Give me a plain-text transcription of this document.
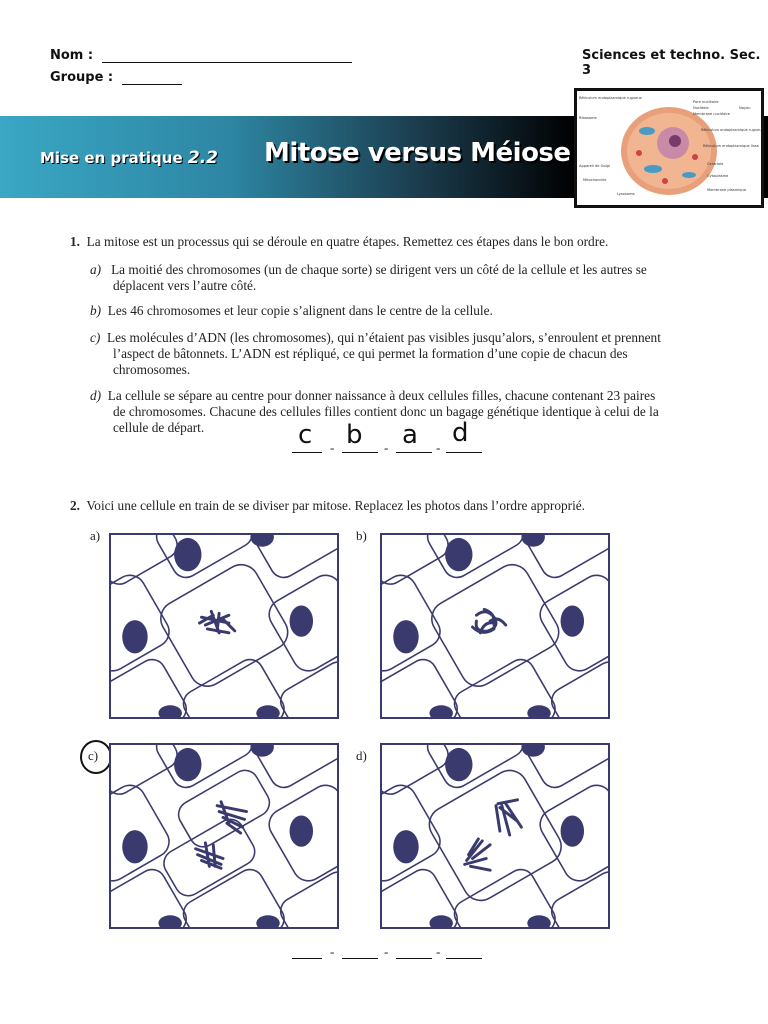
Nom :
Groupe :
Sciences et techno. Sec. 3
Mise en pratique 2.2 Mitose versus Méiose
Réticulum endoplasmique rugueux
Ribosome
Appareil de Golgi
Mitochondrie
Lysosome
Pore nucléaire
Nucléole
Membrane nucléaire
Noyau
Réticulum endoplasmique rugueux
Réticulum endoplasmique lisse
Centriole
Cytoplasme
Membrane plasmique
1. La mitose est un processus qui se déroule en quatre étapes. Remettez ces étapes dans le bon ordre.
a) La moitié des chromosomes (un de chaque sorte) se dirigent vers un côté de la cellule et les autres se
déplacent vers l’autre côté.
b) Les 46 chromosomes et leur copie s’alignent dans le centre de la cellule.
c) Les molécules d’ADN (les chromosomes), qui n’étaient pas visibles jusqu’alors, s’enroulent et prennent
l’aspect de bâtonnets. L’ADN est répliqué, ce qui permet la formation d’une copie de chacun des
chromosomes.
d) La cellule se sépare au centre pour donner naissance à deux cellules filles, chacune contenant 23 paires
de chromosomes. Chacune des cellules filles contient donc un bagage génétique identique à celui de la
cellule de départ.	c - b - a - d
2. Voici une cellule en train de se diviser par mitose. Replacez les photos dans l’ordre approprié.
a)	b)
c)	d)
-	-	-
